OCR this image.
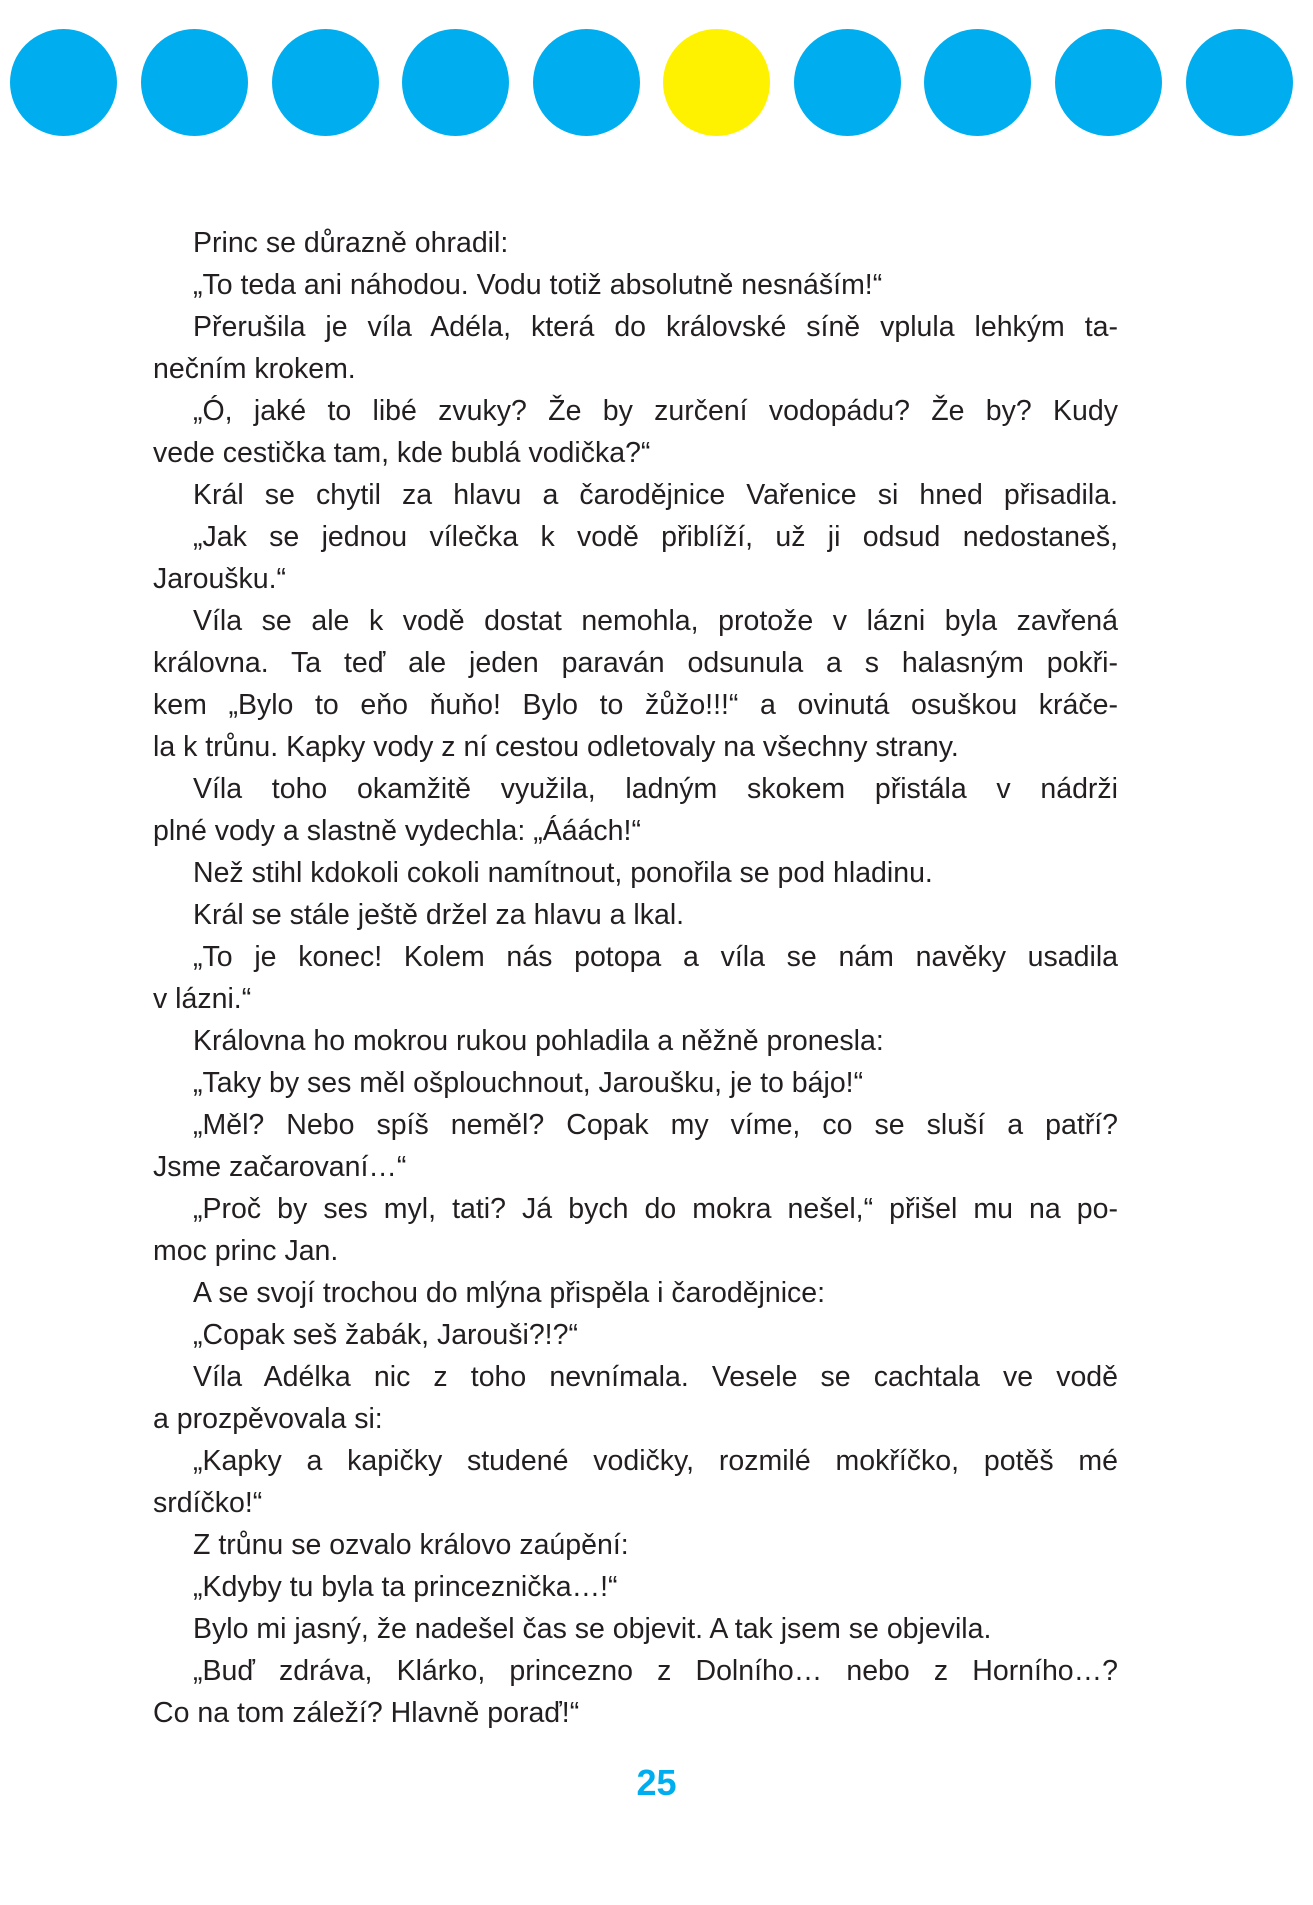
Princ se důrazně ohradil:
„To teda ani náhodou. Vodu totiž absolutně nesnáším!“
Přerušila je víla Adéla, která do královské síně vplula lehkým ta-
nečním krokem.
„Ó, jaké to libé zvuky? Že by zurčení vodopádu? Že by? Kudy
vede cestička tam, kde bublá vodička?“
Král se chytil za hlavu a čarodějnice Vařenice si hned přisadila.
„Jak se jednou vílečka k vodě přiblíží, už ji odsud nedostaneš,
Jaroušku.“
Víla se ale k vodě dostat nemohla, protože v lázni byla zavřená
královna. Ta teď ale jeden paraván odsunula a s halasným pokři-
kem „Bylo to eňo ňuňo! Bylo to žůžo!!!“ a ovinutá osuškou kráče-
la k trůnu. Kapky vody z ní cestou odletovaly na všechny strany.
Víla toho okamžitě využila, ladným skokem přistála v nádrži
plné vody a slastně vydechla: „Ááách!“
Než stihl kdokoli cokoli namítnout, ponořila se pod hladinu.
Král se stále ještě držel za hlavu a lkal.
„To je konec! Kolem nás potopa a víla se nám navěky usadila
v lázni.“
Královna ho mokrou rukou pohladila a něžně pronesla:
„Taky by ses měl ošplouchnout, Jaroušku, je to bájo!“
„Měl? Nebo spíš neměl? Copak my víme, co se sluší a patří?
Jsme začarovaní…“
„Proč by ses myl, tati? Já bych do mokra nešel,“ přišel mu na po-
moc princ Jan.
A se svojí trochou do mlýna přispěla i čarodějnice:
„Copak seš žabák, Jarouši?!?“
Víla Adélka nic z toho nevnímala. Vesele se cachtala ve vodě
a prozpěvovala si:
„Kapky a kapičky studené vodičky, rozmilé mokříčko, potěš mé
srdíčko!“
Z trůnu se ozvalo královo zaúpění:
„Kdyby tu byla ta princeznička…!“
Bylo mi jasný, že nadešel čas se objevit. A tak jsem se objevila.
„Buď zdráva, Klárko, princezno z Dolního… nebo z Horního…?
Co na tom záleží? Hlavně poraď!“
25
